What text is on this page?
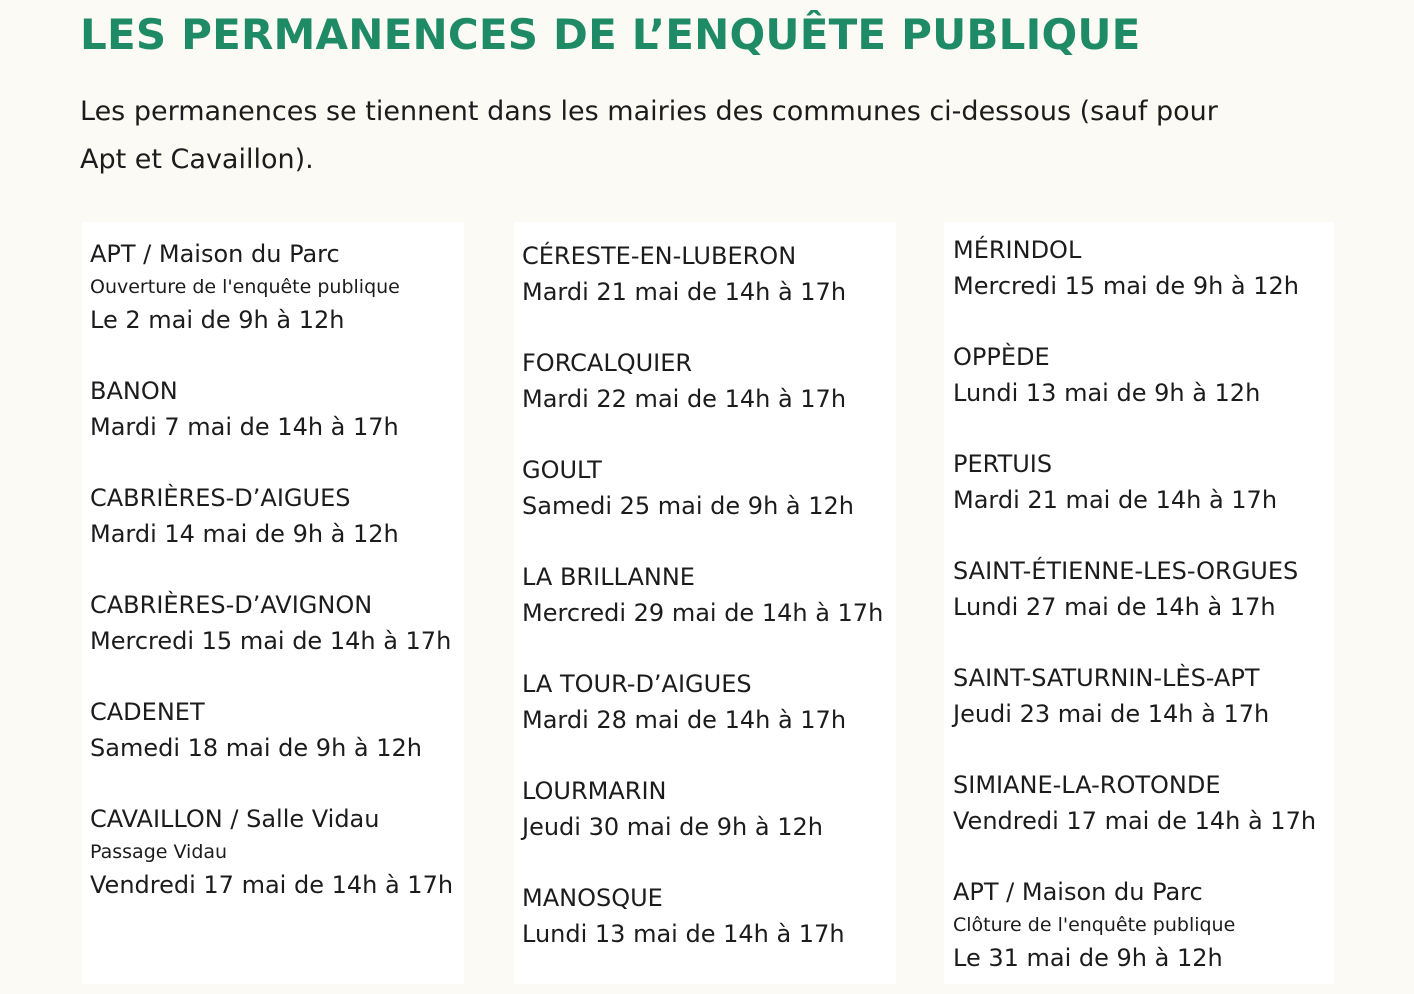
LES PERMANENCES DE L’ENQUÊTE PUBLIQUE

Les permanences se tiennent dans les mairies des communes ci-dessous (sauf pour Apt et Cavaillon).

APT / Maison du Parc
Ouverture de l'enquête publique
Le 2 mai de 9h à 12h
BANON
Mardi 7 mai de 14h à 17h
CABRIÈRES-D’AIGUES
Mardi 14 mai de 9h à 12h
CABRIÈRES-D’AVIGNON
Mercredi 15 mai de 14h à 17h
CADENET
Samedi 18 mai de 9h à 12h
CAVAILLON / Salle Vidau
Passage Vidau
Vendredi 17 mai de 14h à 17h
CÉRESTE-EN-LUBERON
Mardi 21 mai de 14h à 17h
FORCALQUIER
Mardi 22 mai de 14h à 17h
GOULT
Samedi 25 mai de 9h à 12h
LA BRILLANNE
Mercredi 29 mai de 14h à 17h
LA TOUR-D’AIGUES
Mardi 28 mai de 14h à 17h
LOURMARIN
Jeudi 30 mai de 9h à 12h
MANOSQUE
Lundi 13 mai de 14h à 17h
MÉRINDOL
Mercredi 15 mai de 9h à 12h
OPPÈDE
Lundi 13 mai de 9h à 12h
PERTUIS
Mardi 21 mai de 14h à 17h
SAINT-ÉTIENNE-LES-ORGUES
Lundi 27 mai de 14h à 17h
SAINT-SATURNIN-LÈS-APT
Jeudi 23 mai de 14h à 17h
SIMIANE-LA-ROTONDE
Vendredi 17 mai de 14h à 17h
APT / Maison du Parc
Clôture de l'enquête publique
Le 31 mai de 9h à 12h
